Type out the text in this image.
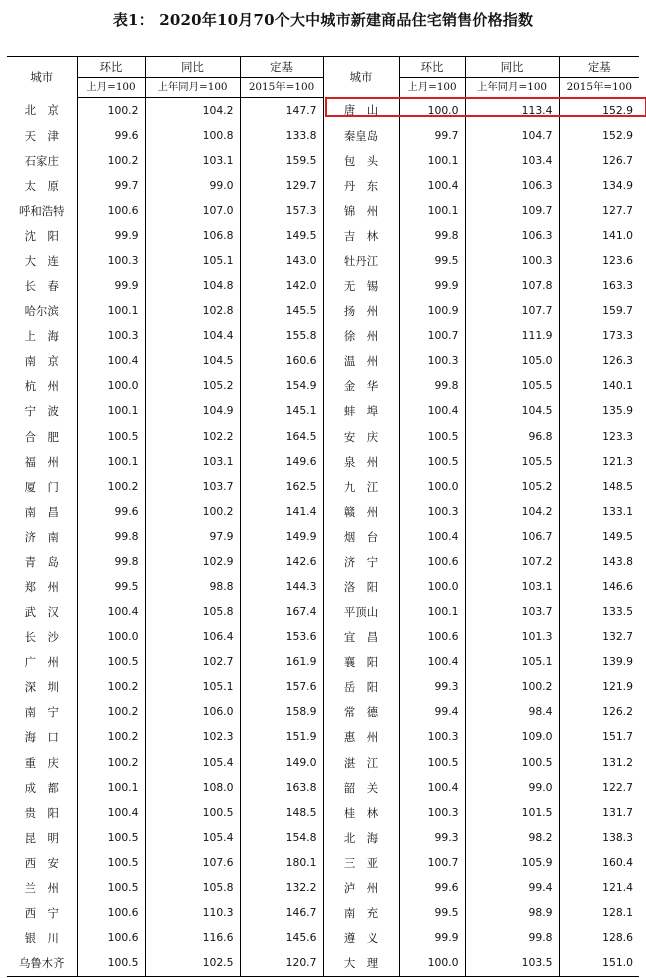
表1： 2020年10月70个大中城市新建商品住宅销售价格指数
城市	环比	同比	定基	城市	环比	同比	定基
	上月=100	上年同月=100	2015年=100		上月=100	上年同月=100	2015年=100
北　京	100.2	104.2	147.7	唐　山	100.0	113.4	152.9
天　津	99.6	100.8	133.8	秦皇岛	99.7	104.7	152.9
石家庄	100.2	103.1	159.5	包　头	100.1	103.4	126.7
太　原	99.7	99.0	129.7	丹　东	100.4	106.3	134.9
呼和浩特	100.6	107.0	157.3	锦　州	100.1	109.7	127.7
沈　阳	99.9	106.8	149.5	吉　林	99.8	106.3	141.0
大　连	100.3	105.1	143.0	牡丹江	99.5	100.3	123.6
长　春	99.9	104.8	142.0	无　锡	99.9	107.8	163.3
哈尔滨	100.1	102.8	145.5	扬　州	100.9	107.7	159.7
上　海	100.3	104.4	155.8	徐　州	100.7	111.9	173.3
南　京	100.4	104.5	160.6	温　州	100.3	105.0	126.3
杭　州	100.0	105.2	154.9	金　华	99.8	105.5	140.1
宁　波	100.1	104.9	145.1	蚌　埠	100.4	104.5	135.9
合　肥	100.5	102.2	164.5	安　庆	100.5	96.8	123.3
福　州	100.1	103.1	149.6	泉　州	100.5	105.5	121.3
厦　门	100.2	103.7	162.5	九　江	100.0	105.2	148.5
南　昌	99.6	100.2	141.4	赣　州	100.3	104.2	133.1
济　南	99.8	97.9	149.9	烟　台	100.4	106.7	149.5
青　岛	99.8	102.9	142.6	济　宁	100.6	107.2	143.8
郑　州	99.5	98.8	144.3	洛　阳	100.0	103.1	146.6
武　汉	100.4	105.8	167.4	平顶山	100.1	103.7	133.5
长　沙	100.0	106.4	153.6	宜　昌	100.6	101.3	132.7
广　州	100.5	102.7	161.9	襄　阳	100.4	105.1	139.9
深　圳	100.2	105.1	157.6	岳　阳	99.3	100.2	121.9
南　宁	100.2	106.0	158.9	常　德	99.4	98.4	126.2
海　口	100.2	102.3	151.9	惠　州	100.3	109.0	151.7
重　庆	100.2	105.4	149.0	湛　江	100.5	100.5	131.2
成　都	100.1	108.0	163.8	韶　关	100.4	99.0	122.7
贵　阳	100.4	100.5	148.5	桂　林	100.3	101.5	131.7
昆　明	100.5	105.4	154.8	北　海	99.3	98.2	138.3
西　安	100.5	107.6	180.1	三　亚	100.7	105.9	160.4
兰　州	100.5	105.8	132.2	泸　州	99.6	99.4	121.4
西　宁	100.6	110.3	146.7	南　充	99.5	98.9	128.1
银　川	100.6	116.6	145.6	遵　义	99.9	99.8	128.6
乌鲁木齐	100.5	102.5	120.7	大　理	100.0	103.5	151.0
